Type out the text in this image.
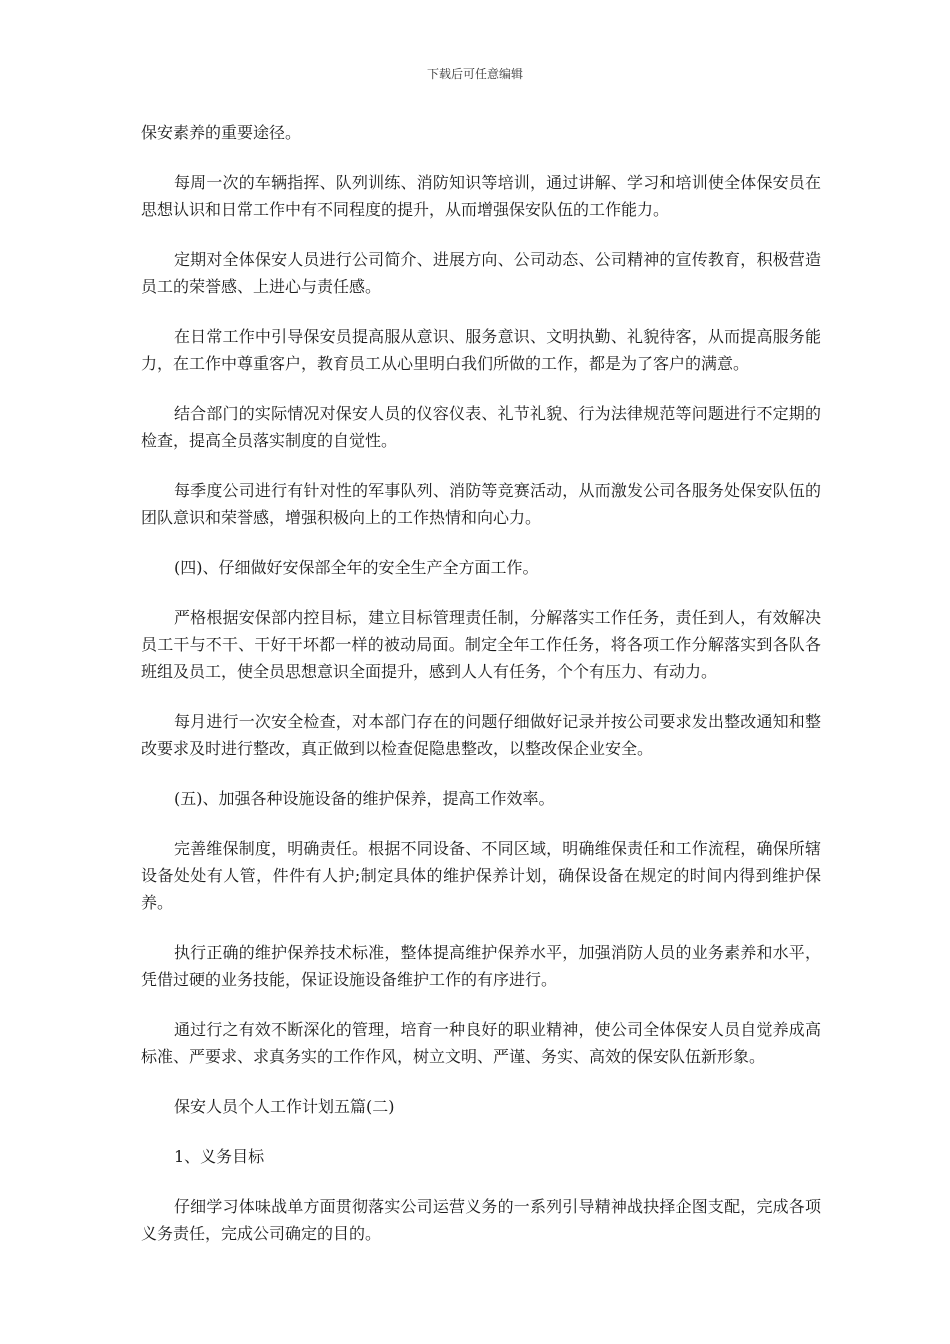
下载后可任意编辑

保安素养的重要途径。

每周一次的车辆指挥、队列训练、消防知识等培训，通过讲解、学习和培训使全体保安员在思想认识和日常工作中有不同程度的提升，从而增强保安队伍的工作能力。

定期对全体保安人员进行公司简介、进展方向、公司动态、公司精神的宣传教育，积极营造员工的荣誉感、上进心与责任感。

在日常工作中引导保安员提高服从意识、服务意识、文明执勤、礼貌待客，从而提高服务能力，在工作中尊重客户，教育员工从心里明白我们所做的工作，都是为了客户的满意。

结合部门的实际情况对保安人员的仪容仪表、礼节礼貌、行为法律规范等问题进行不定期的检查，提高全员落实制度的自觉性。

每季度公司进行有针对性的军事队列、消防等竞赛活动，从而激发公司各服务处保安队伍的团队意识和荣誉感，增强积极向上的工作热情和向心力。

(四)、仔细做好安保部全年的安全生产全方面工作。

严格根据安保部内控目标，建立目标管理责任制，分解落实工作任务，责任到人，有效解决员工干与不干、干好干坏都一样的被动局面。制定全年工作任务，将各项工作分解落实到各队各班组及员工，使全员思想意识全面提升，感到人人有任务，个个有压力、有动力。

每月进行一次安全检查，对本部门存在的问题仔细做好记录并按公司要求发出整改通知和整改要求及时进行整改，真正做到以检查促隐患整改，以整改保企业安全。

(五)、加强各种设施设备的维护保养，提高工作效率。

完善维保制度，明确责任。根据不同设备、不同区域，明确维保责任和工作流程，确保所辖设备处处有人管，件件有人护;制定具体的维护保养计划，确保设备在规定的时间内得到维护保养。

执行正确的维护保养技术标准，整体提高维护保养水平，加强消防人员的业务素养和水平，凭借过硬的业务技能，保证设施设备维护工作的有序进行。

通过行之有效不断深化的管理，培育一种良好的职业精神，使公司全体保安人员自觉养成高标准、严要求、求真务实的工作作风，树立文明、严谨、务实、高效的保安队伍新形象。

保安人员个人工作计划五篇(二)

1、义务目标

仔细学习体味战单方面贯彻落实公司运营义务的一系列引导精神战抉择企图支配，完成各项义务责任，完成公司确定的目的。
